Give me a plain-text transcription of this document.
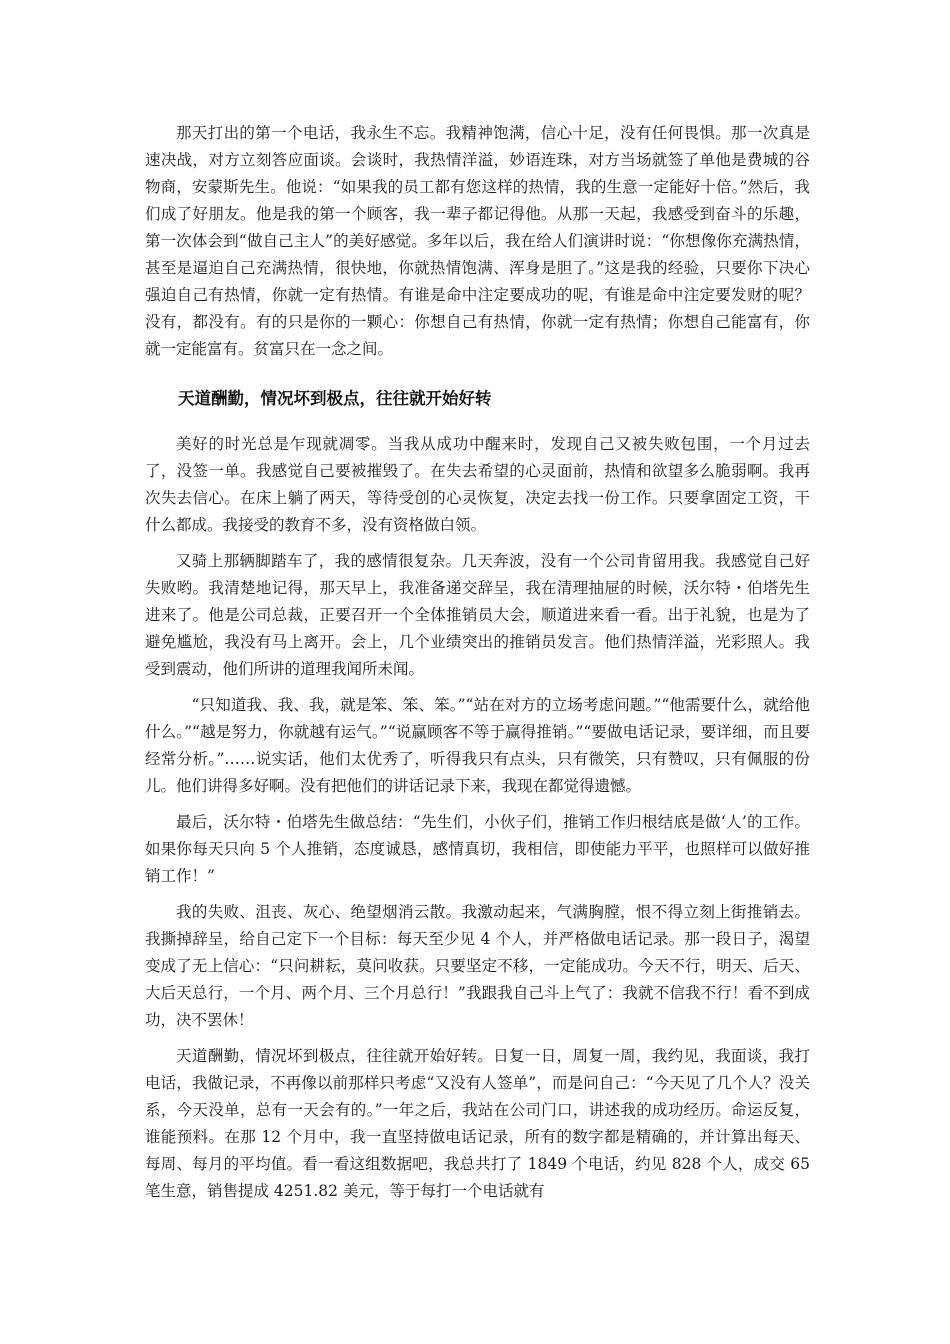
那天打出的第一个电话，我永生不忘。我精神饱满，信心十足，没有任何畏惧。那一次真是速决战，对方立刻答应面谈。会谈时，我热情洋溢，妙语连珠，对方当场就签了单他是费城的谷物商，安蒙斯先生。他说：“如果我的员工都有您这样的热情，我的生意一定能好十倍。”然后，我们成了好朋友。他是我的第一个顾客，我一辈子都记得他。从那一天起，我感受到奋斗的乐趣，第一次体会到“做自己主人”的美好感觉。多年以后，我在给人们演讲时说：“你想像你充满热情，甚至是逼迫自己充满热情，很快地，你就热情饱满、浑身是胆了。”这是我的经验，只要你下决心强迫自己有热情，你就一定有热情。有谁是命中注定要成功的呢，有谁是命中注定要发财的呢？没有，都没有。有的只是你的一颗心：你想自己有热情，你就一定有热情；你想自己能富有，你就一定能富有。贫富只在一念之间。

天道酬勤，情况坏到极点，往往就开始好转

美好的时光总是乍现就凋零。当我从成功中醒来时，发现自己又被失败包围，一个月过去了，没签一单。我感觉自己要被摧毁了。在失去希望的心灵面前，热情和欲望多么脆弱啊。我再次失去信心。在床上躺了两天，等待受创的心灵恢复，决定去找一份工作。只要拿固定工资，干什么都成。我接受的教育不多，没有资格做白领。

又骑上那辆脚踏车了，我的感情很复杂。几天奔波，没有一个公司肯留用我。我感觉自己好失败哟。我清楚地记得，那天早上，我准备递交辞呈，我在清理抽屉的时候，沃尔特・伯塔先生进来了。他是公司总裁，正要召开一个全体推销员大会，顺道进来看一看。出于礼貌，也是为了避免尴尬，我没有马上离开。会上，几个业绩突出的推销员发言。他们热情洋溢，光彩照人。我受到震动，他们所讲的道理我闻所未闻。

“只知道我、我、我，就是笨、笨、笨。”“站在对方的立场考虑问题。”“他需要什么，就给他什么。”“越是努力，你就越有运气。”“说赢顾客不等于赢得推销。”“要做电话记录，要详细，而且要经常分析。”……说实话，他们太优秀了，听得我只有点头，只有微笑，只有赞叹，只有佩服的份儿。他们讲得多好啊。没有把他们的讲话记录下来，我现在都觉得遗憾。

最后，沃尔特・伯塔先生做总结：“先生们，小伙子们，推销工作归根结底是做‘人’的工作。如果你每天只向 5 个人推销，态度诚恳，感情真切，我相信，即使能力平平，也照样可以做好推销工作！”

我的失败、沮丧、灰心、绝望烟消云散。我激动起来，气满胸膛，恨不得立刻上街推销去。我撕掉辞呈，给自己定下一个目标：每天至少见 4 个人，并严格做电话记录。那一段日子，渴望变成了无上信心：“只问耕耘，莫问收获。只要坚定不移，一定能成功。今天不行，明天、后天、大后天总行，一个月、两个月、三个月总行！”我跟我自己斗上气了：我就不信我不行！看不到成功，决不罢休！

天道酬勤，情况坏到极点，往往就开始好转。日复一日，周复一周，我约见，我面谈，我打电话，我做记录，不再像以前那样只考虑“又没有人签单”，而是问自己：“今天见了几个人？没关系，今天没单，总有一天会有的。”一年之后，我站在公司门口，讲述我的成功经历。命运反复，谁能预料。在那 12 个月中，我一直坚持做电话记录，所有的数字都是精确的，并计算出每天、每周、每月的平均值。看一看这组数据吧，我总共打了 1849 个电话，约见 828 个人，成交 65 笔生意，销售提成 4251.82 美元，等于每打一个电话就有
